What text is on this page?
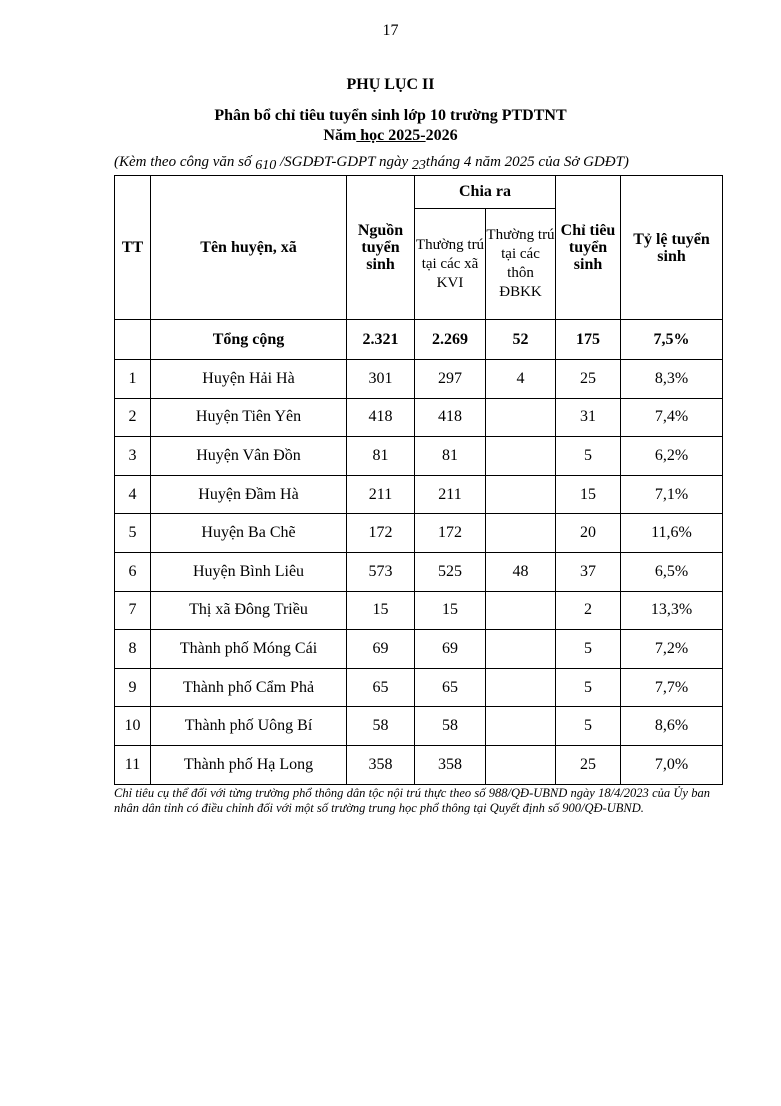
17
PHỤ LỤC II
Phân bổ chỉ tiêu tuyển sinh lớp 10 trường PTDTNT
Năm học 2025-2026
(Kèm theo công văn số 610 /SGDĐT-GDPT ngày 23tháng 4 năm 2025 của Sở GDĐT)
TT	Tên huyện, xã	Nguồn tuyển sinh	Chia ra		Chỉ tiêu tuyển sinh	Tỷ lệ tuyển sinh
			Thường trú tại các xã KVI	Thường trú tại các thôn ĐBKK		
	Tổng cộng	2.321	2.269	52	175	7,5%
1	Huyện Hải Hà	301	297	4	25	8,3%
2	Huyện Tiên Yên	418	418		31	7,4%
3	Huyện Vân Đồn	81	81		5	6,2%
4	Huyện Đầm Hà	211	211		15	7,1%
5	Huyện Ba Chẽ	172	172		20	11,6%
6	Huyện Bình Liêu	573	525	48	37	6,5%
7	Thị xã Đông Triều	15	15		2	13,3%
8	Thành phố Móng Cái	69	69		5	7,2%
9	Thành phố Cẩm Phả	65	65		5	7,7%
10	Thành phố Uông Bí	58	58		5	8,6%
11	Thành phố Hạ Long	358	358		25	7,0%
Chỉ tiêu cụ thể đối với từng trường phổ thông dân tộc nội trú thực theo số 988/QĐ-UBND ngày 18/4/2023 của Ủy ban nhân dân tỉnh có điều chỉnh đối với một số trường trung học phổ thông tại Quyết định số 900/QĐ-UBND.
